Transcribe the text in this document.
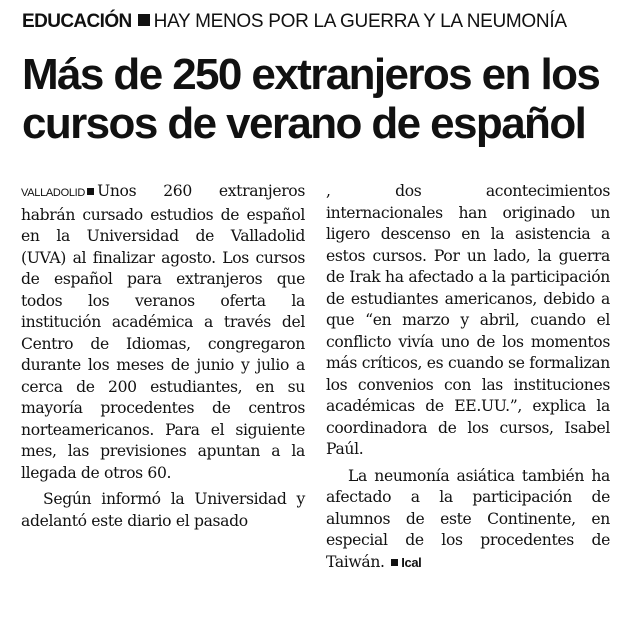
EDUCACIÓN HAY MENOS POR LA GUERRA Y LA NEUMONÍA
Más de 250 extranjeros en los
cursos de verano de español

VALLADOLID Unos 260 extranjeros habrán cursado estudios de español en la Universidad de Valladolid (UVA) al finalizar agosto. Los cursos de español para extranjeros que todos los veranos oferta la institución académica a través del Centro de Idiomas, congregaron durante los meses de junio y julio a cerca de 200 estudiantes, en su mayoría procedentes de centros norteamericanos. Para el siguiente mes, las previsiones apuntan a la llegada de otros 60.

Según informó la Universidad y adelantó este diario el pasado

, dos acontecimientos internacionales han originado un ligero descenso en la asistencia a estos cursos. Por un lado, la guerra de Irak ha afectado a la participación de estudiantes americanos, debido a que “en marzo y abril, cuando el conflicto vivía uno de los momentos más críticos, es cuando se formalizan los convenios con las instituciones académicas de EE.UU.”, explica la coordinadora de los cursos, Isabel Paúl.

La neumonía asiática también ha afectado a la participación de alumnos de este Continente, en especial de los procedentes de Taiwán. Ical
